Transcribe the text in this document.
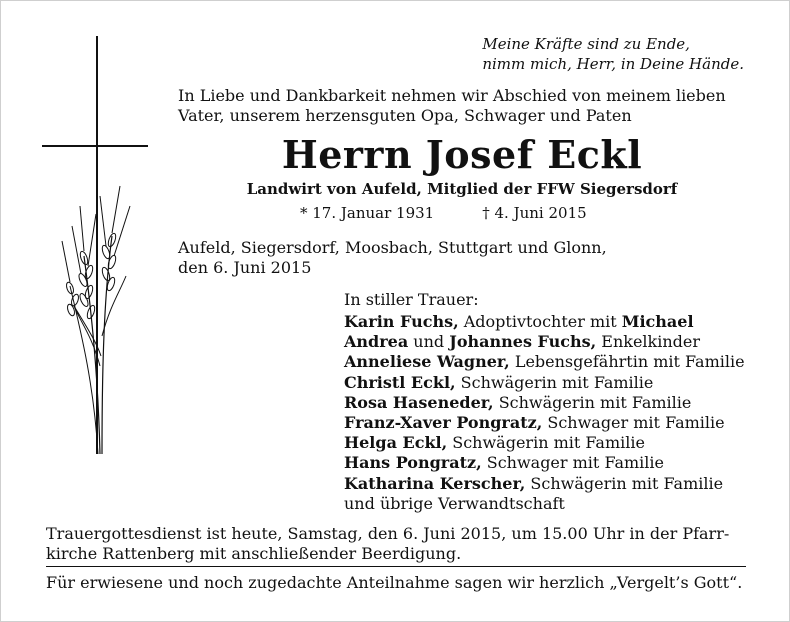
Meine Kräfte sind zu Ende,
nimm mich, Herr, in Deine Hände.
In Liebe und Dankbarkeit nehmen wir Abschied von meinem lieben
Vater, unserem herzensguten Opa, Schwager und Paten
Herrn Josef Eckl
Landwirt von Aufeld, Mitglied der FFW Siegersdorf
* 17. Januar 1931	† 4. Juni 2015
Aufeld, Siegersdorf, Moosbach, Stuttgart und Glonn,
den 6. Juni 2015
In stiller Trauer:
Karin Fuchs, Adoptivtochter mit Michael
Andrea und Johannes Fuchs, Enkelkinder
Anneliese Wagner, Lebensgefährtin mit Familie
Christl Eckl, Schwägerin mit Familie
Rosa Haseneder, Schwägerin mit Familie
Franz-Xaver Pongratz, Schwager mit Familie
Helga Eckl, Schwägerin mit Familie
Hans Pongratz, Schwager mit Familie
Katharina Kerscher, Schwägerin mit Familie
und übrige Verwandtschaft
Trauergottesdienst ist heute, Samstag, den 6. Juni 2015, um 15.00 Uhr in der Pfarr-
kirche Rattenberg mit anschließender Beerdigung.
Für erwiesene und noch zugedachte Anteilnahme sagen wir herzlich „Vergelt’s Gott“.
